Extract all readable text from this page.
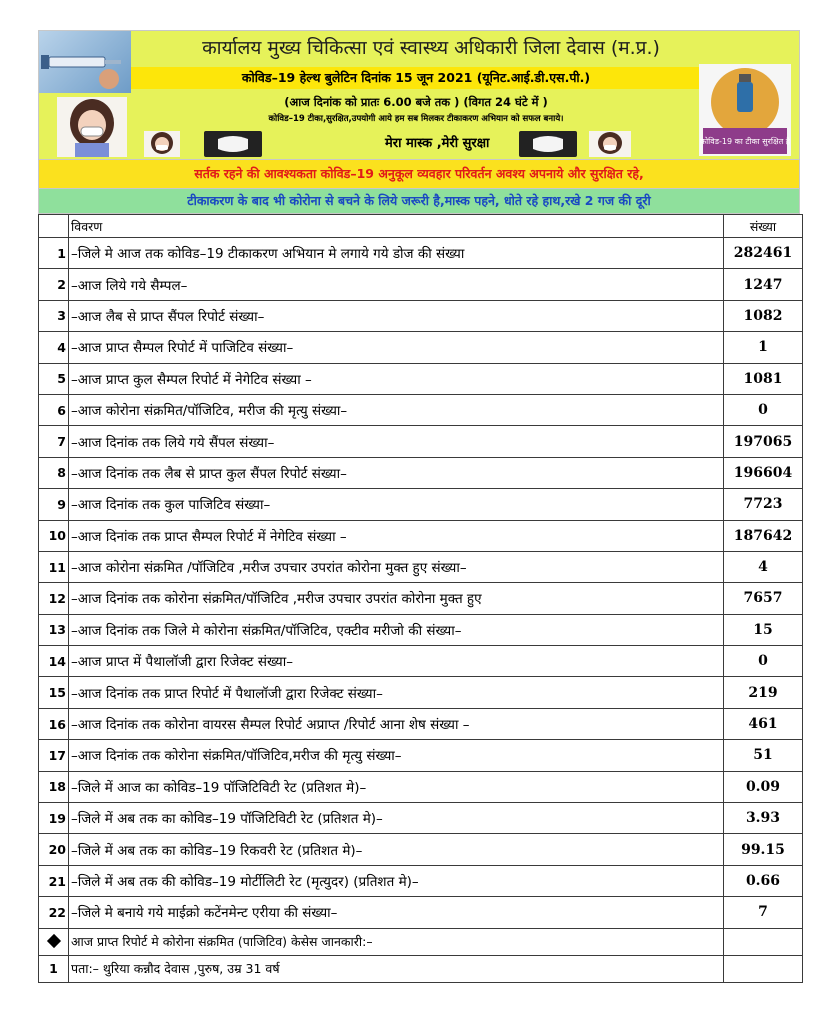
कार्यालय मुख्य चिकित्सा एवं स्वास्थ्य अधिकारी जिला देवास (म.प्र.)
कोविड–19 हेल्थ बुलेटिन दिनांक 15 जून 2021 (यूनिट.आई.डी.एस.पी.)
(आज दिनांक को प्रातः 6.00 बजे तक ) (विगत 24 घंटे में )
कोविड–19 टीका,सुरक्षित,उपयोगी आये हम सब मिलकर टीकाकरण अभियान को सफल बनाये।
मेरा मास्क ,मेरी सुरक्षा	कोविड-19 का टीका सुरक्षित है
सर्तक रहने की आवश्यकता कोविड–19 अनुकूल व्यवहार परिवर्तन अवश्य अपनाये और सुरक्षित रहे,
टीकाकरण के बाद भी कोरोना से बचने के लिये जरूरी है,मास्क पहने, धोते रहे हाथ,रखे 2 गज की दूरी
	विवरण	संख्या
1	–जिले मे आज तक कोविड–19 टीकाकरण अभियान मे लगाये गये डोज की संख्या	282461
2	–आज लिये गये सैम्पल–	1247
3	–आज लैब से प्राप्त सैंपल रिपोर्ट संख्या–	1082
4	–आज प्राप्त सैम्पल रिपोर्ट में पाजिटिव संख्या–	1
5	–आज प्राप्त कुल सैम्पल रिपोर्ट में नेगेटिव संख्या –	1081
6	–आज कोरोना संक्रमित/पॉजिटिव, मरीज की मृत्यु संख्या–	0
7	–आज दिनांक तक लिये गये सैंपल संख्या–	197065
8	–आज दिनांक तक लैब से प्राप्त कुल सैंपल रिपोर्ट संख्या–	196604
9	–आज दिनांक तक कुल पाजिटिव संख्या–	7723
10	–आज दिनांक तक प्राप्त सैम्पल रिपोर्ट में नेगेटिव संख्या –	187642
11	–आज कोरोना संक्रमित /पॉजिटिव ,मरीज उपचार उपरांत कोरोना मुक्त हुए संख्या–	4
12	–आज दिनांक तक कोरोना संक्रमित/पॉजिटिव ,मरीज उपचार उपरांत कोरोना मुक्त हुए	7657
13	–आज दिनांक तक जिले मे कोरोना संक्रमित/पॉजिटिव, एक्टीव मरीजो की संख्या–	15
14	–आज प्राप्त में पैथालॉजी द्वारा रिजेक्ट संख्या–	0
15	–आज दिनांक तक प्राप्त रिपोर्ट में पैथालॉजी द्वारा रिजेक्ट संख्या–	219
16	–आज दिनांक तक कोरोना वायरस सैम्पल रिपोर्ट अप्राप्त /रिपोर्ट आना शेष संख्या –	461
17	–आज दिनांक तक कोरोना संक्रमित/पॉजिटिव,मरीज की मृत्यु संख्या–	51
18	–जिले में आज का कोविड–19 पॉजिटिविटी रेट (प्रतिशत मे)–	0.09
19	–जिले में अब तक का कोविड–19 पॉजिटिविटी रेट (प्रतिशत मे)–	3.93
20	–जिले में अब तक का कोविड–19 रिकवरी रेट (प्रतिशत मे)–	99.15
21	–जिले में अब तक की कोविड–19 मोर्टीलिटी रेट (मृत्युदर) (प्रतिशत मे)–	0.66
22	–जिले मे बनाये गये माईक्रो कटेंनमेन्ट एरीया की संख्या–	7
	आज प्राप्त रिपोर्ट मे कोरोना संक्रमित (पाजिटिव) केसेस जानकारी:–	
1	पता:– थुरिया कन्नौद देवास ,पुरुष, उम्र 31 वर्ष	
